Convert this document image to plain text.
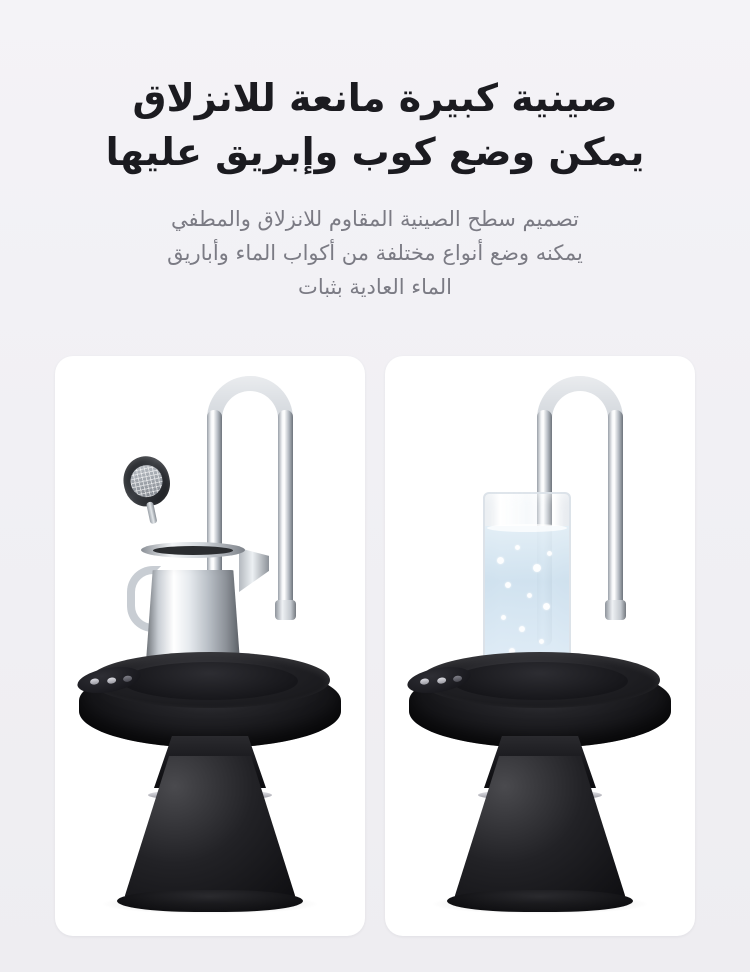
صينية كبيرة مانعة للانزلاق
يمكن وضع كوب وإبريق عليها

تصميم سطح الصينية المقاوم للانزلاق والمطفي
يمكنه وضع أنواع مختلفة من أكواب الماء وأباريق
الماء العادية بثبات
